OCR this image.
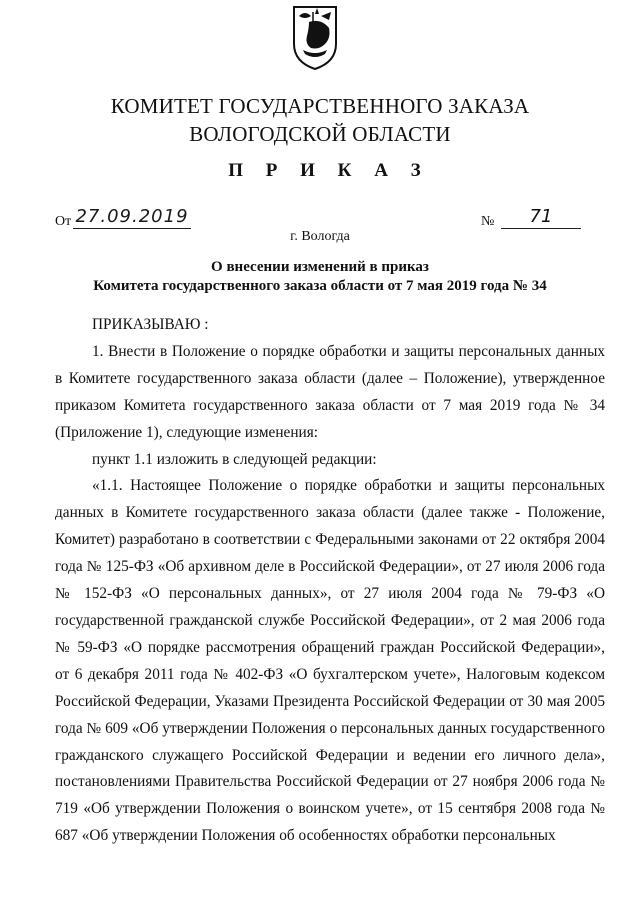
КОМИТЕТ ГОСУДАРСТВЕННОГО ЗАКАЗА
ВОЛОГОДСКОЙ ОБЛАСТИ
П Р И К А З
От 27.09.2019	№	71
г. Вологда
О внесении изменений в приказ
Комитета государственного заказа области от 7 мая 2019 года № 34

ПРИКАЗЫВАЮ :

1. Внести в Положение о порядке обработки и защиты персональных данных в Комитете государственного заказа области (далее – Положение), утвержденное приказом Комитета государственного заказа области от 7 мая 2019 года № 34 (Приложение 1), следующие изменения:

пункт 1.1 изложить в следующей редакции:

«1.1. Настоящее Положение о порядке обработки и защиты персональных данных в Комитете государственного заказа области (далее также - Положение, Комитет) разработано в соответствии с Федеральными законами от 22 октября 2004 года № 125-ФЗ «Об архивном деле в Российской Федерации», от 27 июля 2006 года № 152-ФЗ «О персональных данных», от 27 июля 2004 года № 79-ФЗ «О государственной гражданской службе Российской Федерации», от 2 мая 2006 года № 59-ФЗ «О порядке рассмотрения обращений граждан Российской Федерации», от 6 декабря 2011 года № 402-ФЗ «О бухгалтерском учете», Налоговым кодексом Российской Федерации, Указами Президента Российской Федерации от 30 мая 2005 года № 609 «Об утверждении Положения о персональных данных государственного гражданского служащего Российской Федерации и ведении его личного дела», постановлениями Правительства Российской Федерации от 27 ноября 2006 года № 719 «Об утверждении Положения о воинском учете», от 15 сентября 2008 года № 687 «Об утверждении Положения об особенностях обработки персональных
